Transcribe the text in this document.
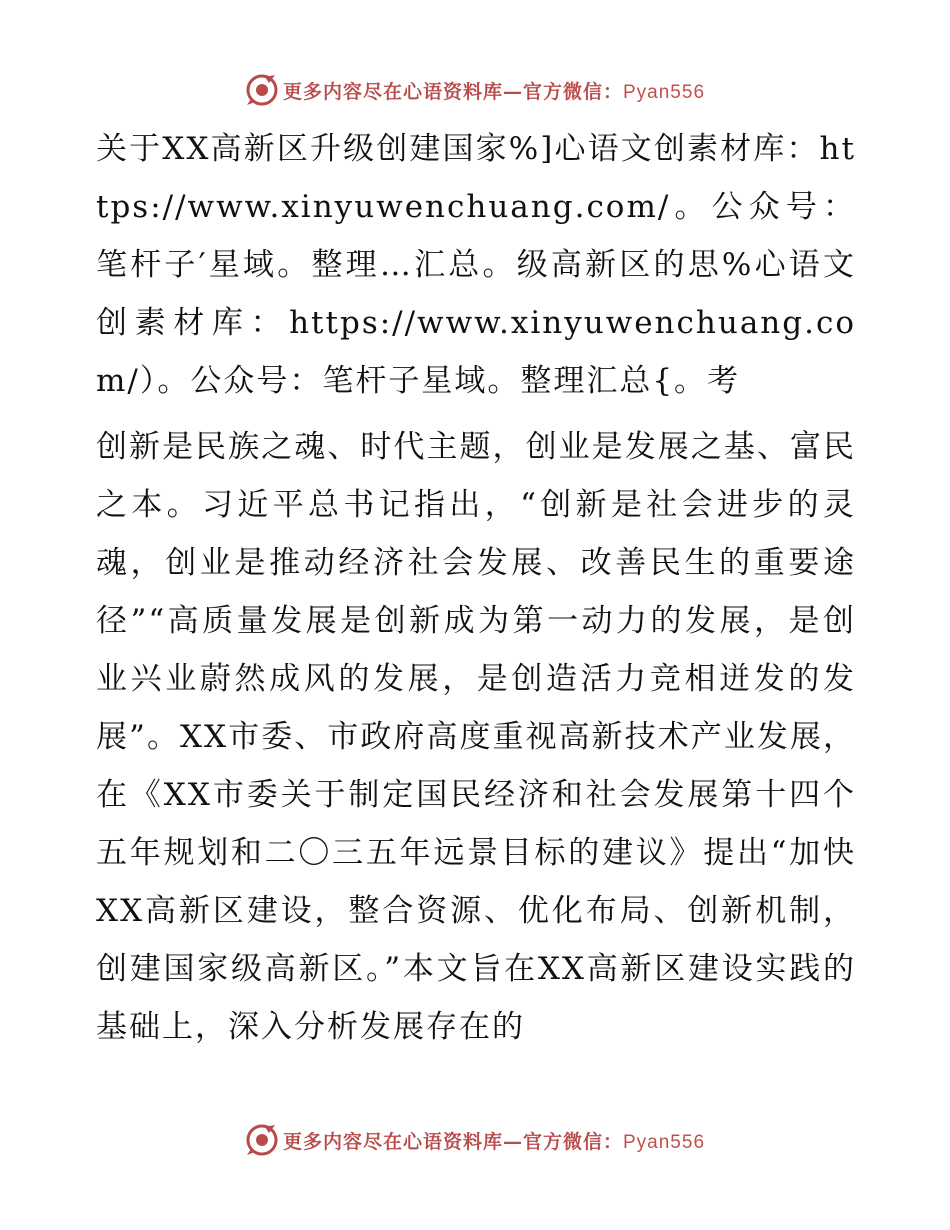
更多内容尽在心语资料库—官方微信：Pyan556

关于XX高新区升级创建国家%]心语文创素材库：https://www.xinyuwenchuang.com/。公众号：笔杆子′星域。整理…汇总。级高新区的思%心语文创素材库：https://www.xinyuwenchuang.com/）。公众号：笔杆子星域。整理汇总{。考

创新是民族之魂、时代主题，创业是发展之基、富民之本。习近平总书记指出，“创新是社会进步的灵魂，创业是推动经济社会发展、改善民生的重要途径”“高质量发展是创新成为第一动力的发展，是创业兴业蔚然成风的发展，是创造活力竞相迸发的发展”。XX市委、市政府高度重视高新技术产业发展，在《XX市委关于制定国民经济和社会发展第十四个五年规划和二〇三五年远景目标的建议》提出“加快XX高新区建设，整合资源、优化布局、创新机制，创建国家级高新区。”本文旨在XX高新区建设实践的基础上，深入分析发展存在的

更多内容尽在心语资料库—官方微信：Pyan556
